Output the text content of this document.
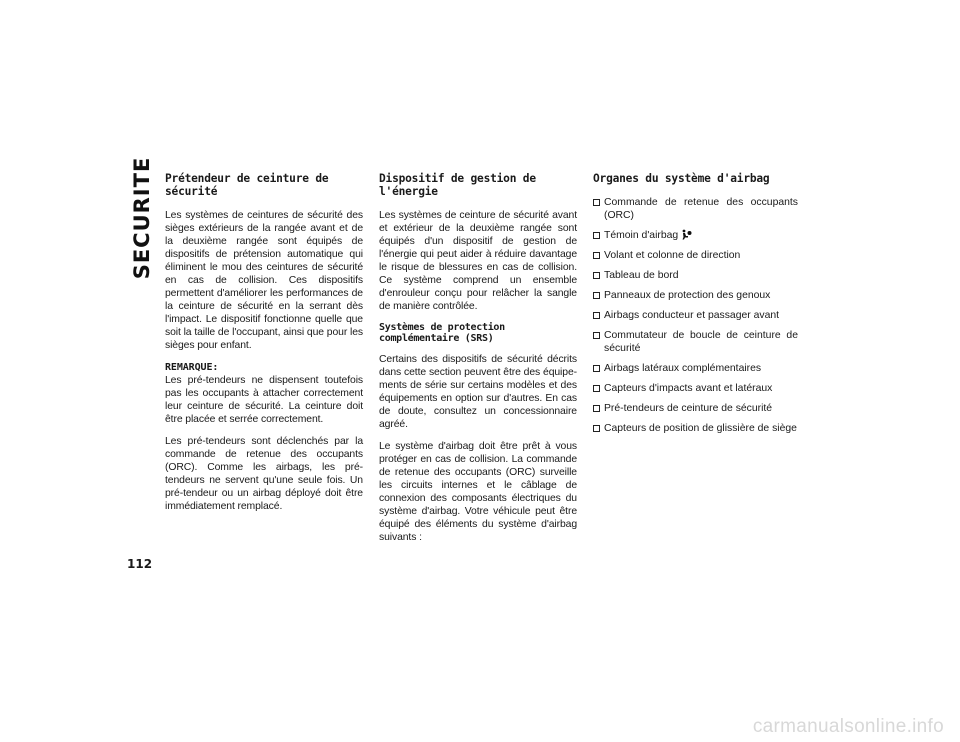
SECURITE Prétendeur de ceinture de sécurité

Les systèmes de ceintures de sécurité des sièges extérieurs de la rangée avant et de la deuxième rangée sont équipés de dispositifs de prétension automatique qui éliminent le mou des ceintures de sécurité en cas de collision. Ces dispositifs permettent d'améliorer les performances de la ceinture de sécurité en la serrant dès l'impact. Le dispositif fonctionne quelle que soit la taille de l'occupant, ainsi que pour les sièges pour enfant.

REMARQUE:
Les pré-tendeurs ne dispensent toutefois pas les occupants à attacher correctement leur ceinture de sécurité. La ceinture doit être placée et serrée correctement.

Les pré-tendeurs sont déclenchés par la commande de retenue des occupants (ORC). Comme les airbags, les pré-tendeurs ne servent qu'une seule fois. Un pré-tendeur ou un airbag déployé doit être immédiatement remplacé.

Dispositif de gestion de l'énergie

Les systèmes de ceinture de sécurité avant et extérieur de la deuxième rangée sont équipés d'un dispositif de gestion de l'énergie qui peut aider à réduire davantage le risque de blessures en cas de collision. Ce système comprend un ensemble d'enrouleur conçu pour relâcher la sangle de manière contrôlée.

Systèmes de protection complémentaire (SRS)

Certains des dispositifs de sécurité décrits dans cette section peuvent être des équipe-ments de série sur certains modèles et des équipements en option sur d'autres. En cas de doute, consultez un concessionnaire agréé.

Le système d'airbag doit être prêt à vous protéger en cas de collision. La commande de retenue des occupants (ORC) surveille les circuits internes et le câblage de connexion des composants électriques du système d'airbag. Votre véhicule peut être équipé des éléments du système d'airbag suivants :

Organes du système d'airbag
Commande de retenue des occupants (ORC)
Témoin d'airbag
Volant et colonne de direction
Tableau de bord
Panneaux de protection des genoux
Airbags conducteur et passager avant
Commutateur de boucle de ceinture de sécurité
Airbags latéraux complémentaires
Capteurs d'impacts avant et latéraux
Pré-tendeurs de ceinture de sécurité
Capteurs de position de glissière de siège
112
carmanualsonline.info
